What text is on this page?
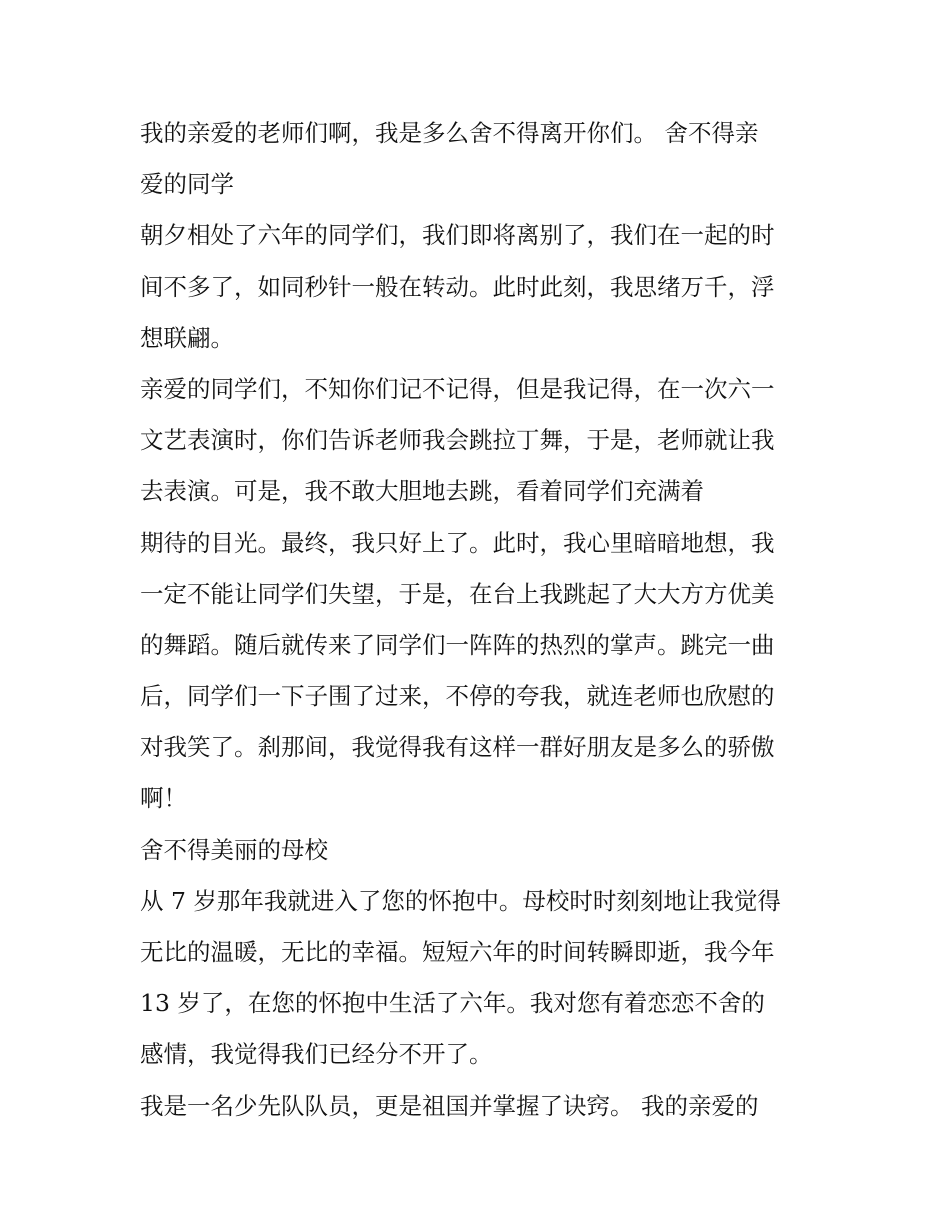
我的亲爱的老师们啊，我是多么舍不得离开你们。 舍不得亲
爱的同学
朝夕相处了六年的同学们，我们即将离别了，我们在一起的时
间不多了，如同秒针一般在转动。此时此刻，我思绪万千，浮
想联翩。
亲爱的同学们，不知你们记不记得，但是我记得，在一次六一
文艺表演时，你们告诉老师我会跳拉丁舞，于是，老师就让我
去表演。可是，我不敢大胆地去跳，看着同学们充满着
期待的目光。最终，我只好上了。此时，我心里暗暗地想，我
一定不能让同学们失望，于是，在台上我跳起了大大方方优美
的舞蹈。随后就传来了同学们一阵阵的热烈的掌声。跳完一曲
后，同学们一下子围了过来，不停的夸我，就连老师也欣慰的
对我笑了。刹那间，我觉得我有这样一群好朋友是多么的骄傲
啊！
舍不得美丽的母校
从 7 岁那年我就进入了您的怀抱中。母校时时刻刻地让我觉得
无比的温暖，无比的幸福。短短六年的时间转瞬即逝，我今年
13 岁了，在您的怀抱中生活了六年。我对您有着恋恋不舍的
感情，我觉得我们已经分不开了。
我是一名少先队队员，更是祖国并掌握了诀窍。 我的亲爱的
